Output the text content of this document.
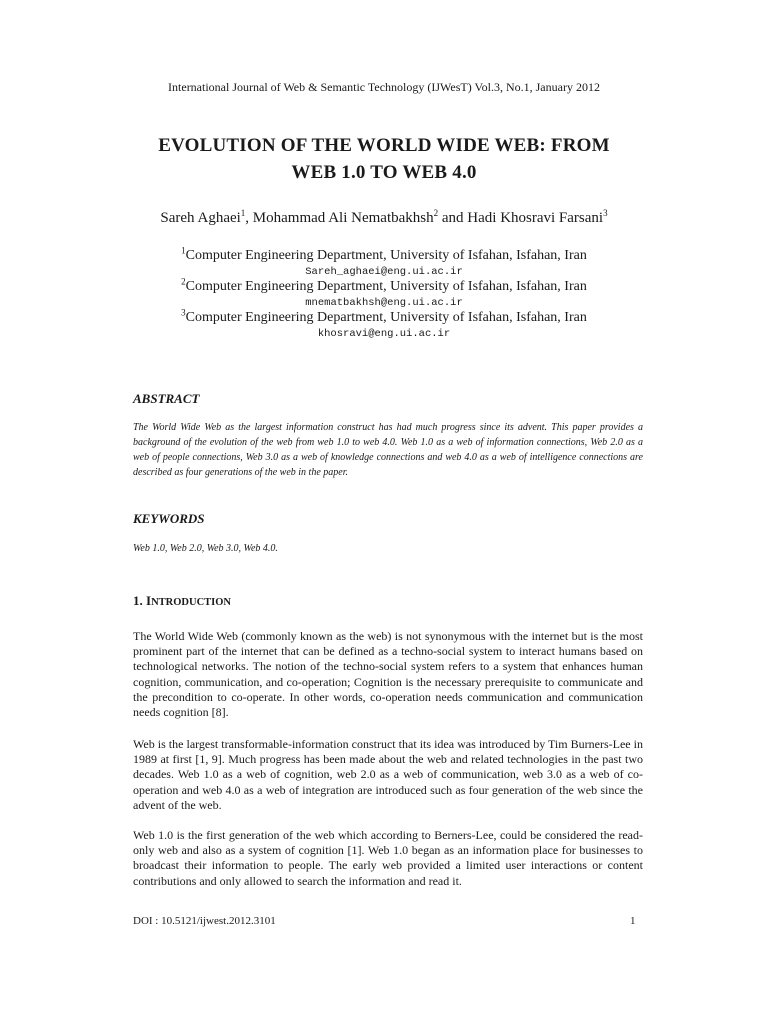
International Journal of Web & Semantic Technology (IJWesT) Vol.3, No.1, January 2012
EVOLUTION OF THE WORLD WIDE WEB: FROM
WEB 1.0 TO WEB 4.0
Sareh Aghaei$^1$, Mohammad Ali Nematbakhsh$^2$ and Hadi Khosravi Farsani$^3$
$^1$Computer Engineering Department, University of Isfahan, Isfahan, Iran
Sareh_aghaei@eng.ui.ac.ir
$^2$Computer Engineering Department, University of Isfahan, Isfahan, Iran
mnematbakhsh@eng.ui.ac.ir
$^3$Computer Engineering Department, University of Isfahan, Isfahan, Iran
khosravi@eng.ui.ac.ir
ABSTRACT
The World Wide Web as the largest information construct has had much progress since its advent. This paper provides a background of the evolution of the web from web 1.0 to web 4.0. Web 1.0 as a web of information connections, Web 2.0 as a web of people connections, Web 3.0 as a web of knowledge connections and web 4.0 as a web of intelligence connections are described as four generations of the web in the paper.
KEYWORDS
Web 1.0, Web 2.0, Web 3.0, Web 4.0.
1. INTRODUCTION
The World Wide Web (commonly known as the web) is not synonymous with the internet but is the most prominent part of the internet that can be defined as a techno-social system to interact humans based on technological networks. The notion of the techno-social system refers to a system that enhances human cognition, communication, and co-operation; Cognition is the necessary prerequisite to communicate and the precondition to co-operate. In other words, co-operation needs communication and communication needs cognition [8].
Web is the largest transformable-information construct that its idea was introduced by Tim Burners-Lee in 1989 at first [1, 9]. Much progress has been made about the web and related technologies in the past two decades. Web 1.0 as a web of cognition, web 2.0 as a web of communication, web 3.0 as a web of co-operation and web 4.0 as a web of integration are introduced such as four generation of the web since the advent of the web.
Web 1.0 is the first generation of the web which according to Berners-Lee, could be considered the read-only web and also as a system of cognition [1]. Web 1.0 began as an information place for businesses to broadcast their information to people. The early web provided a limited user interactions or content contributions and only allowed to search the information and read it.
DOI : 10.5121/ijwest.2012.3101	1
